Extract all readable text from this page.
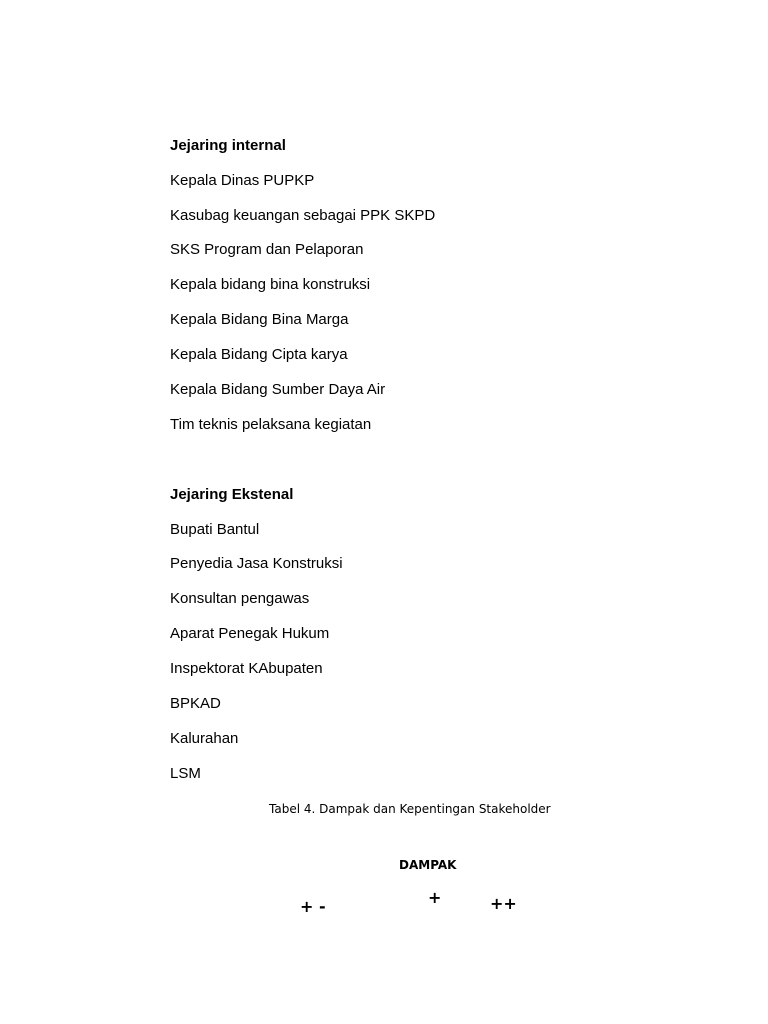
Jejaring internal
Kepala Dinas PUPKP
Kasubag keuangan sebagai PPK SKPD
SKS Program dan Pelaporan
Kepala bidang bina konstruksi
Kepala Bidang Bina Marga
Kepala Bidang Cipta karya
Kepala Bidang Sumber Daya Air
Tim teknis pelaksana kegiatan
Jejaring Ekstenal
Bupati Bantul
Penyedia Jasa Konstruksi
Konsultan pengawas
Aparat Penegak Hukum
Inspektorat KAbupaten
BPKAD
Kalurahan
LSM
Tabel 4. Dampak dan Kepentingan Stakeholder
DAMPAK
+ -	+	++
